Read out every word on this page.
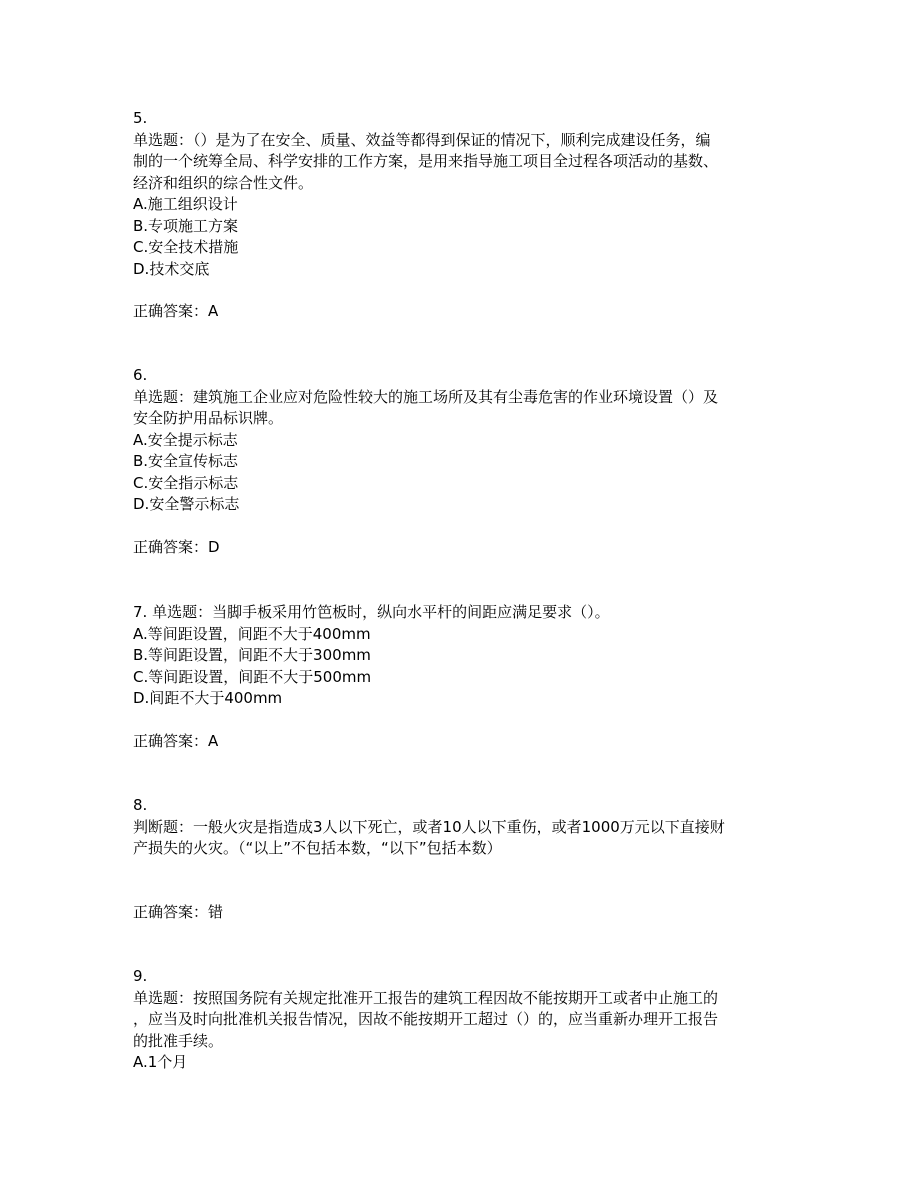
5.
单选题：（）是为了在安全、质量、效益等都得到保证的情况下，顺利完成建设任务，编
制的一个统筹全局、科学安排的工作方案，是用来指导施工项目全过程各项活动的基数、
经济和组织的综合性文件。
A.施工组织设计
B.专项施工方案
C.安全技术措施
D.技术交底
正确答案：A
6.
单选题：建筑施工企业应对危险性较大的施工场所及其有尘毒危害的作业环境设置（）及
安全防护用品标识牌。
A.安全提示标志
B.安全宣传标志
C.安全指示标志
D.安全警示标志
正确答案：D
7. 单选题：当脚手板采用竹笆板时，纵向水平杆的间距应满足要求（）。
A.等间距设置，间距不大于400mm
B.等间距设置，间距不大于300mm
C.等间距设置，间距不大于500mm
D.间距不大于400mm
正确答案：A
8.
判断题：一般火灾是指造成3人以下死亡，或者10人以下重伤，或者1000万元以下直接财
产损失的火灾。（“以上”不包括本数，“以下”包括本数）
正确答案：错
9.
单选题：按照国务院有关规定批准开工报告的建筑工程因故不能按期开工或者中止施工的
，应当及时向批准机关报告情况，因故不能按期开工超过（）的，应当重新办理开工报告
的批准手续。
A.1个月
